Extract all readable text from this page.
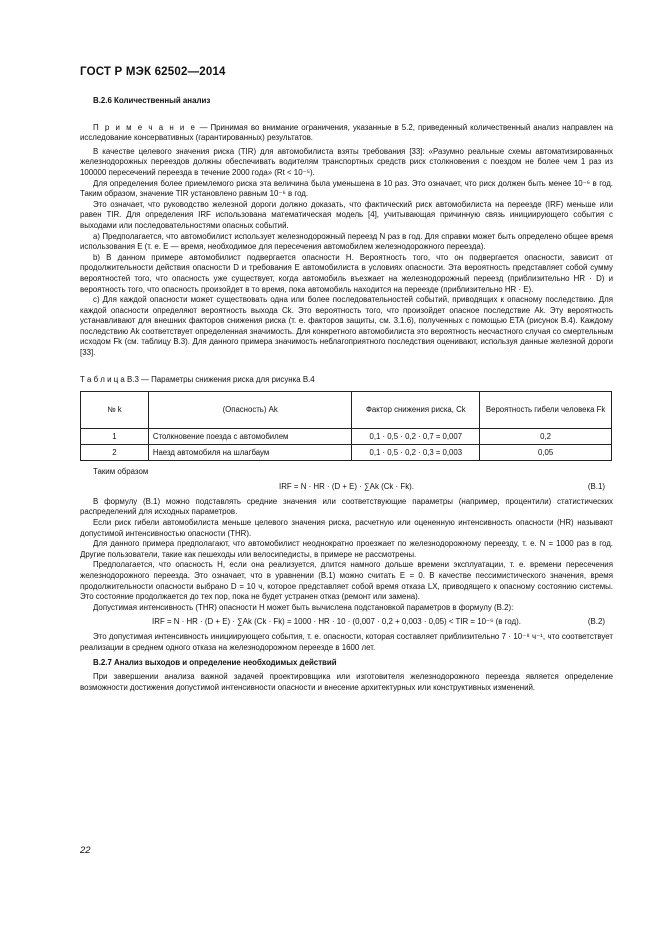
ГОСТ Р МЭК 62502—2014
B.2.6 Количественный анализ

П р и м е ч а н и е — Принимая во внимание ограничения, указанные в 5.2, приведенный количественный анализ направлен на исследование консервативных (гарантированных) результатов.

В качестве целевого значения риска (TIR) для автомобилиста взяты требования [33]: «Разумно реальные схемы автоматизированных железнодорожных переездов должны обеспечивать водителям транспортных средств риск столкновения с поездом не более чем 1 раз из 100000 пересечений переезда в течение 2000 года» (Rt < 10⁻⁵).

Для определения более приемлемого риска эта величина была уменьшена в 10 раз. Это означает, что риск должен быть менее 10⁻⁶ в год. Таким образом, значение TIR установлено равным 10⁻⁶ в год.

Это означает, что руководство железной дороги должно доказать, что фактический риск автомобилиста на переезде (IRF) меньше или равен TIR. Для определения IRF использована математическая модель [4], учитывающая причинную связь инициирующего события с выходами или последовательностями опасных событий.

a) Предполагается, что автомобилист использует железнодорожный переезд N раз в год. Для справки может быть определено общее время использования E (т. е. E — время, необходимое для пересечения автомобилем железнодорожного переезда).

b) В данном примере автомобилист подвергается опасности H. Вероятность того, что он подвергается опасности, зависит от продолжительности действия опасности D и требования E автомобилиста в условиях опасности. Эта вероятность представляет собой сумму вероятностей того, что опасность уже существует, когда автомобиль въезжает на железнодорожный переезд (приблизительно HR · D) и вероятность того, что опасность произойдет в то время, пока автомобиль находится на переезде (приблизительно HR · E).

c) Для каждой опасности может существовать одна или более последовательностей событий, приводящих к опасному последствию. Для каждой опасности определяют вероятность выхода Ck. Это вероятность того, что произойдет опасное последствие Ak. Эту вероятность устанавливают для внешних факторов снижения риска (т. е. факторов защиты, см. 3.1.6), полученных с помощью ETA (рисунок B.4). Каждому последствию Ak соответствует определенная значимость. Для конкретного автомобилиста это вероятность несчастного случая со смертельным исходом Fk (см. таблицу B.3). Для данного примера значимость неблагоприятного последствия оценивают, используя данные железной дороги [33].

Т а б л и ц а B.3 — Параметры снижения риска для рисунка B.4

№ k	(Опасность) Ak	Фактор снижения риска, Ck	Вероятность гибели человека Fk
1	Столкновение поезда с автомобилем	0,1 · 0,5 · 0,2 · 0,7 = 0,007	0,2
2	Наезд автомобиля на шлагбаум	0,1 · 0,5 · 0,2 · 0,3 = 0,003	0,05

Таким образом

IRF = N · HR · (D + E) · ∑Ak (Ck · Fk).	(B.1)

В формулу (B.1) можно подставлять средние значения или соответствующие параметры (например, процентили) статистических распределений для исходных параметров.

Если риск гибели автомобилиста меньше целевого значения риска, расчетную или оцененную интенсивность опасности (HR) называют допустимой интенсивностью опасности (THR).

Для данного примера предполагают, что автомобилист неоднократно проезжает по железнодорожному переезду, т. е. N = 1000 раз в год. Другие пользователи, такие как пешеходы или велосипедисты, в примере не рассмотрены.

Предполагается, что опасность H, если она реализуется, длится намного дольше времени эксплуатации, т. е. времени пересечения железнодорожного переезда. Это означает, что в уравнении (B.1) можно считать E = 0. В качестве пессимистического значения, время продолжительности опасности выбрано D = 10 ч, которое представляет собой время отказа LX, приводящего к опасному состоянию системы. Это состояние продолжается до тех пор, пока не будет устранен отказ (ремонт или замена).

Допустимая интенсивность (THR) опасности H может быть вычислена подстановкой параметров в формулу (B.2):

IRF = N · HR · (D + E) · ∑Ak (Ck · Fk) = 1000 · HR · 10 · (0,007 · 0,2 + 0,003 · 0,05) < TIR = 10⁻⁶ (в год).	(B.2)

Это допустимая интенсивность инициирующего события, т. е. опасности, которая составляет приблизительно 7 · 10⁻⁸ ч⁻¹, что соответствует реализации в среднем одного отказа на железнодорожном переезде в 1600 лет.

B.2.7 Анализ выходов и определение необходимых действий

При завершении анализа важной задачей проектировщика или изготовителя железнодорожного переезда является определение возможности достижения допустимой интенсивности опасности и внесение архитектурных или конструктивных изменений.

22
